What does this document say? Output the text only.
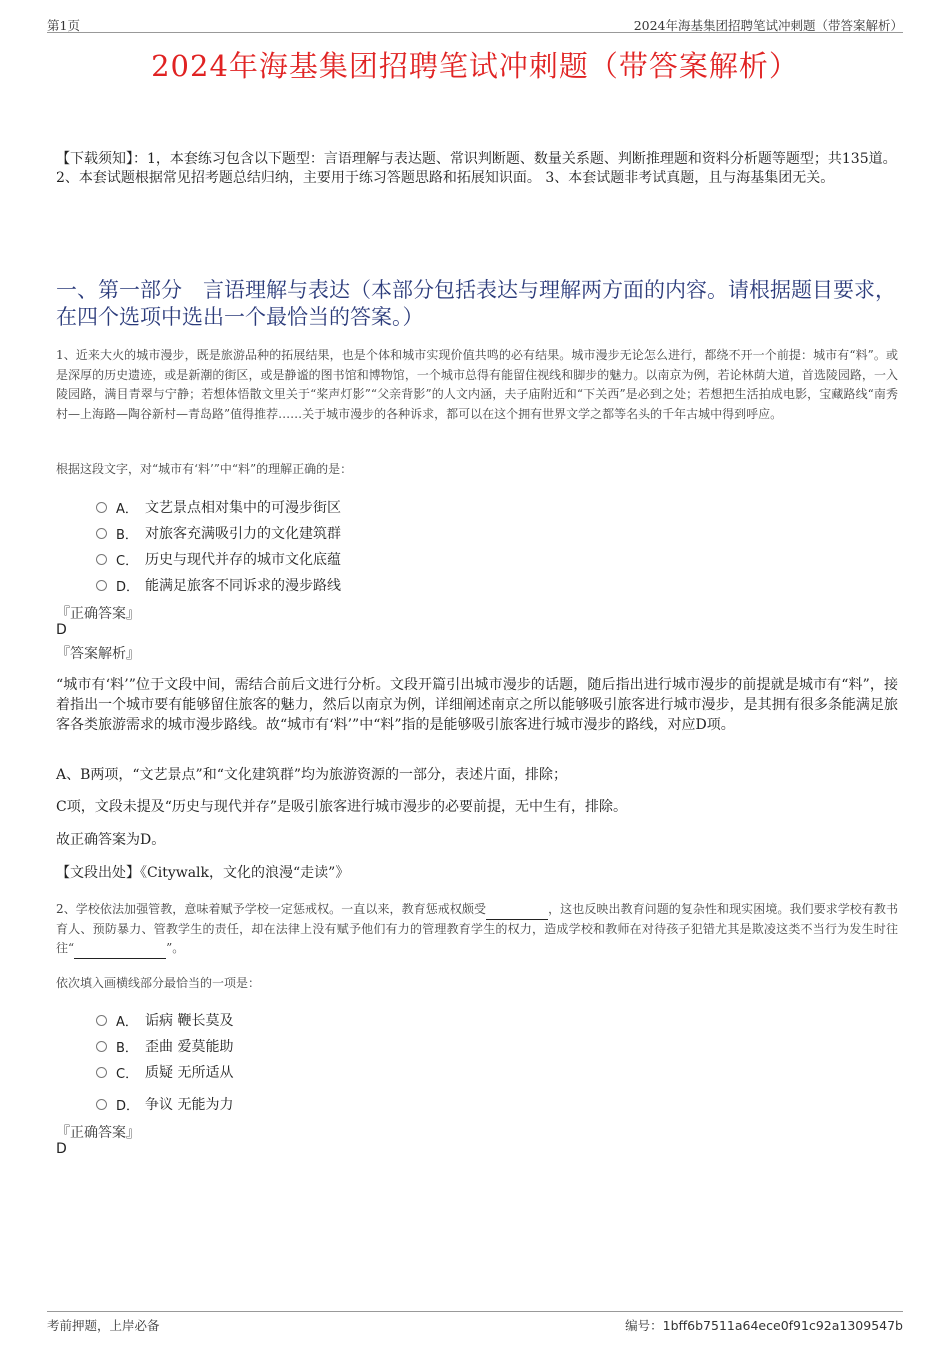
第1页	2024年海基集团招聘笔试冲刺题（带答案解析）
2024年海基集团招聘笔试冲刺题（带答案解析）
【下载须知】：1，本套练习包含以下题型：言语理解与表达题、常识判断题、数量关系题、判断推理题和资料分析题等题型；共135道。 2、本套试题根据常见招考题总结归纳，主要用于练习答题思路和拓展知识面。 3、本套试题非考试真题，且与海基集团无关。
一、第一部分　言语理解与表达（本部分包括表达与理解两方面的内容。请根据题目要求，在四个选项中选出一个最恰当的答案。）
1、近来大火的城市漫步，既是旅游品种的拓展结果，也是个体和城市实现价值共鸣的必有结果。城市漫步无论怎么进行，都绕不开一个前提：城市有“料”。或是深厚的历史遗迹，或是新潮的街区，或是静谧的图书馆和博物馆，一个城市总得有能留住视线和脚步的魅力。以南京为例，若论林荫大道，首选陵园路，一入陵园路，满目青翠与宁静；若想体悟散文里关于“桨声灯影”“父亲背影”的人文内涵，夫子庙附近和“下关西”是必到之处；若想把生活拍成电影，宝藏路线“南秀村—上海路—陶谷新村—青岛路”值得推荐……关于城市漫步的各种诉求，都可以在这个拥有世界文学之都等名头的千年古城中得到呼应。
根据这段文字，对“城市有‘料’”中“料”的理解正确的是：
A． 文艺景点相对集中的可漫步街区
B． 对旅客充满吸引力的文化建筑群
C． 历史与现代并存的城市文化底蕴
D． 能满足旅客不同诉求的漫步路线
『正确答案』
D
『答案解析』
“城市有‘料’”位于文段中间，需结合前后文进行分析。文段开篇引出城市漫步的话题，随后指出进行城市漫步的前提就是城市有“料”，接着指出一个城市要有能够留住旅客的魅力，然后以南京为例，详细阐述南京之所以能够吸引旅客进行城市漫步，是其拥有很多条能满足旅客各类旅游需求的城市漫步路线。故“城市有‘料’”中“料”指的是能够吸引旅客进行城市漫步的路线，对应D项。
A、B两项，“文艺景点”和“文化建筑群”均为旅游资源的一部分，表述片面，排除；
C项，文段未提及“历史与现代并存”是吸引旅客进行城市漫步的必要前提，无中生有，排除。
故正确答案为D。
【文段出处】《Citywalk，文化的浪漫“走读”》
2、学校依法加强管教，意味着赋予学校一定惩戒权。一直以来，教育惩戒权颇受	，这也反映出教育问题的复杂性和现实困境。我们要求学校有教书育人、预防暴力、管教学生的责任，却在法律上没有赋予他们有力的管理教育学生的权力，造成学校和教师在对待孩子犯错尤其是欺凌这类不当行为发生时往往“	”。
依次填入画横线部分最恰当的一项是：
A． 诟病 鞭长莫及
B． 歪曲 爱莫能助
C． 质疑 无所适从
D． 争议 无能为力
『正确答案』
D
考前押题，上岸必备	编号：1bff6b7511a64ece0f91c92a1309547b
